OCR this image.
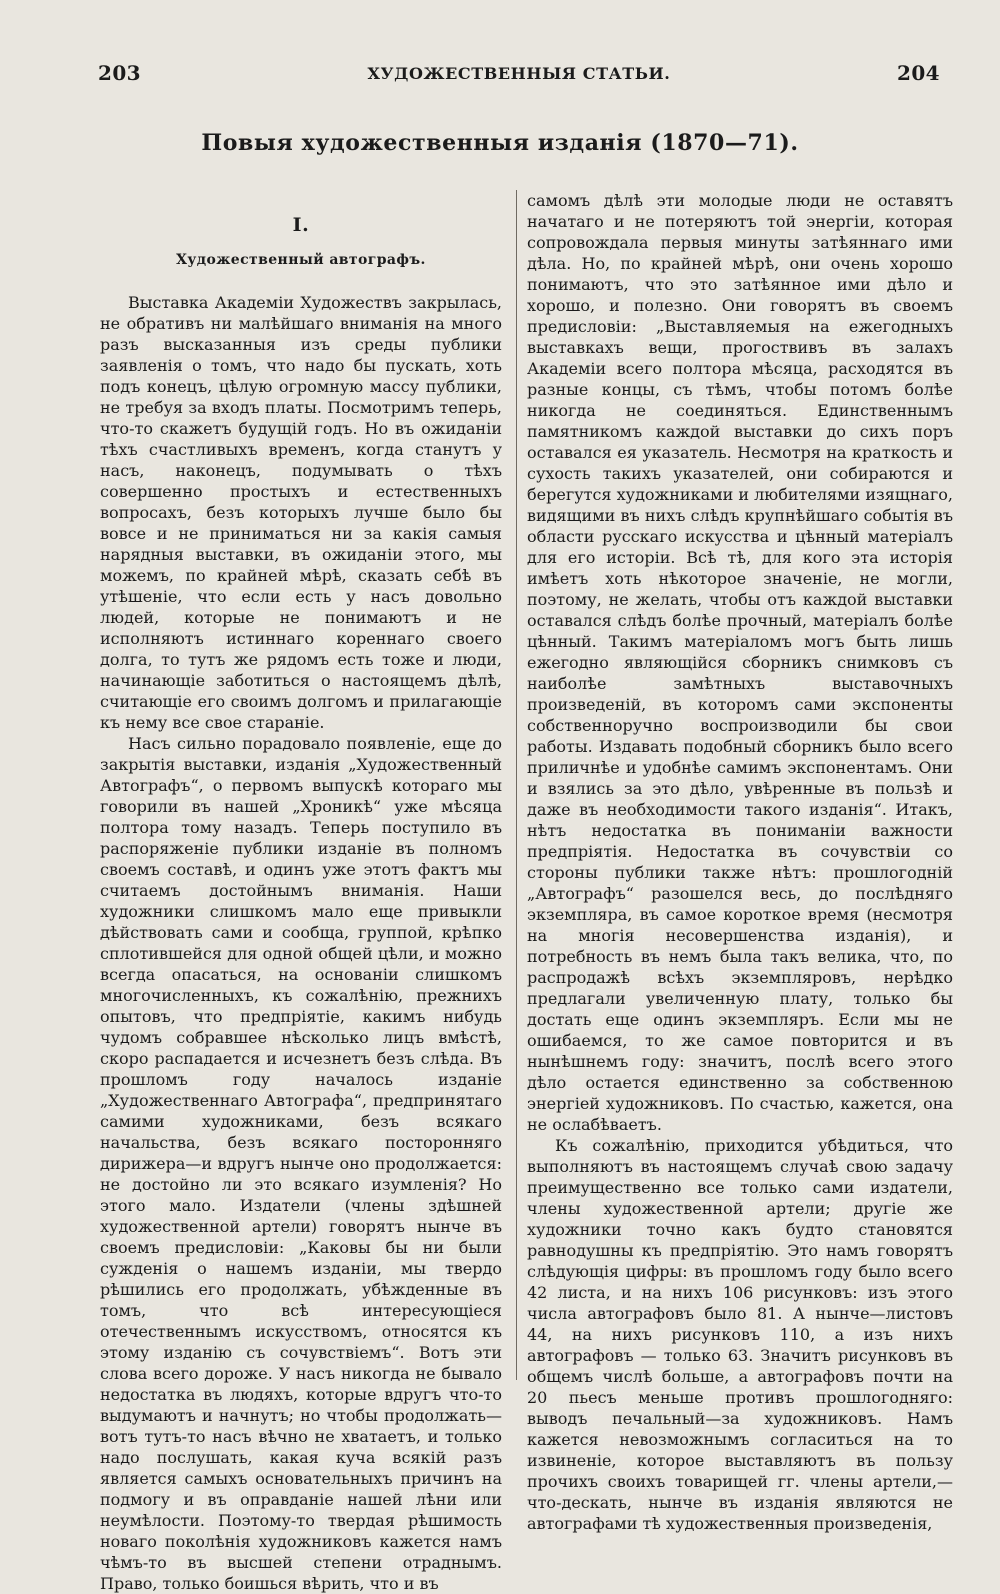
203	ХУДОЖЕСТВЕННЫЯ СТАТЬИ.	204
Повыя художественныя изданія (1870—71).
I.
Художественный автографъ.

Выставка Академіи Художествъ закрылась, не обративъ ни малѣйшаго вниманія на много разъ высказанныя изъ среды публики заявленія о томъ, что надо бы пускать, хоть подъ конецъ, цѣлую огромную массу публики, не требуя за входъ платы. Посмотримъ теперь, что-то скажетъ будущій годъ. Но въ ожиданіи тѣхъ счастливыхъ временъ, когда станутъ у насъ, наконецъ, подумывать о тѣхъ совершенно простыхъ и естественныхъ вопросахъ, безъ которыхъ лучше было бы вовсе и не приниматься ни за какія самыя нарядныя выставки, въ ожиданіи этого, мы можемъ, по крайней мѣрѣ, сказать себѣ въ утѣшеніе, что если есть у насъ довольно людей, которые не понимаютъ и не исполняютъ истиннаго кореннаго своего долга, то тутъ же рядомъ есть тоже и люди, начинающіе заботиться о настоящемъ дѣлѣ, считающіе его своимъ долгомъ и прилагающіе къ нему все свое стараніе.

Насъ сильно порадовало появленіе, еще до закрытія выставки, изданія „Художественный Автографъ“, о первомъ выпускѣ котораго мы говорили въ нашей „Хроникѣ“ уже мѣсяца полтора тому назадъ. Теперь поступило въ распоряженіе публики изданіе въ полномъ своемъ составѣ, и одинъ уже этотъ фактъ мы считаемъ достойнымъ вниманія. Наши художники слишкомъ мало еще привыкли дѣйствовать сами и сообща, группой, крѣпко сплотившейся для одной общей цѣли, и можно всегда опасаться, на основаніи слишкомъ многочисленныхъ, къ сожалѣнію, прежнихъ опытовъ, что предпріятіе, какимъ нибудь чудомъ собравшее нѣсколько лицъ вмѣстѣ, скоро распадается и исчезнетъ безъ слѣда. Въ прошломъ году началось изданіе „Художественнаго Автографа“, предпринятаго самими художниками, безъ всякаго начальства, безъ всякаго посторонняго дирижера—и вдругъ нынче оно продолжается: не достойно ли это всякаго изумленія? Но этого мало. Издатели (члены здѣшней художественной артели) говорятъ нынче въ своемъ предисловіи: „Каковы бы ни были сужденія о нашемъ изданіи, мы твердо рѣшились его продолжать, убѣжденные въ томъ, что всѣ интересующіеся отечественнымъ искусствомъ, относятся къ этому изданію съ сочувствіемъ“. Вотъ эти слова всего дороже. У насъ никогда не бывало недостатка въ людяхъ, которые вдругъ что-то выдумаютъ и начнутъ; но чтобы продолжать—вотъ тутъ-то насъ вѣчно не хватаетъ, и только надо послушать, какая куча всякій разъ является самыхъ основательныхъ причинъ на подмогу и въ оправданіе нашей лѣни или неумѣлости. Поэтому-то твердая рѣшимость новаго поколѣнія художниковъ кажется намъ чѣмъ-то въ высшей степени отраднымъ. Право, только боишься вѣрить, что и въ

самомъ дѣлѣ эти молодые люди не оставятъ начатаго и не потеряютъ той энергіи, которая сопровождала первыя минуты затѣяннаго ими дѣла. Но, по крайней мѣрѣ, они очень хорошо понимаютъ, что это затѣянное ими дѣло и хорошо, и полезно. Они говорятъ въ своемъ предисловіи: „Выставляемыя на ежегодныхъ выставкахъ вещи, прогоствивъ въ залахъ Академіи всего полтора мѣсяца, расходятся въ разные концы, съ тѣмъ, чтобы потомъ болѣе никогда не соединяться. Единственнымъ памятникомъ каждой выставки до сихъ поръ оставался ея указатель. Несмотря на краткость и сухость такихъ указателей, они собираются и берегутся художниками и любителями изящнаго, видящими въ нихъ слѣдъ крупнѣйшаго событія въ области русскаго искусства и цѣнный матеріалъ для его исторіи. Всѣ тѣ, для кого эта исторія имѣетъ хоть нѣкоторое значеніе, не могли, поэтому, не желать, чтобы отъ каждой выставки оставался слѣдъ болѣе прочный, матеріалъ болѣе цѣнный. Такимъ матеріаломъ могъ быть лишь ежегодно являющійся сборникъ снимковъ съ наиболѣе замѣтныхъ выставочныхъ произведеній, въ которомъ сами экспоненты собственноручно воспроизводили бы свои работы. Издавать подобный сборникъ было всего приличнѣе и удобнѣе самимъ экспонентамъ. Они и взялись за это дѣло, увѣренные въ пользѣ и даже въ необходимости такого изданія“. Итакъ, нѣтъ недостатка въ пониманіи важности предпріятія. Недостатка въ сочувствіи со стороны публики также нѣтъ: прошлогодній „Автографъ“ разошелся весь, до послѣдняго экземпляра, въ самое короткое время (несмотря на многія несовершенства изданія), и потребность въ немъ была такъ велика, что, по распродажѣ всѣхъ экземпляровъ, нерѣдко предлагали увеличенную плату, только бы достать еще одинъ экземпляръ. Если мы не ошибаемся, то же самое повторится и въ нынѣшнемъ году: значитъ, послѣ всего этого дѣло остается единственно за собственною энергіей художниковъ. По счастью, кажется, она не ослабѣваетъ.

Къ сожалѣнію, приходится убѣдиться, что выполняютъ въ настоящемъ случаѣ свою задачу преимущественно все только сами издатели, члены художественной артели; другіе же художники точно какъ будто становятся равнодушны къ предпріятію. Это намъ говорятъ слѣдующія цифры: въ прошломъ году было всего 42 листа, и на нихъ 106 рисунковъ: изъ этого числа автографовъ было 81. А нынче—листовъ 44, на нихъ рисунковъ 110, а изъ нихъ автографовъ — только 63. Значитъ рисунковъ въ общемъ числѣ больше, а автографовъ почти на 20 пьесъ меньше противъ прошлогодняго: выводъ печальный—за художниковъ. Намъ кажется невозможнымъ согласиться на то извиненіе, которое выставляютъ въ пользу прочихъ своихъ товарищей гг. члены артели,—что-дескать, нынче въ изданія являются не автографами тѣ художественныя произведенія,
